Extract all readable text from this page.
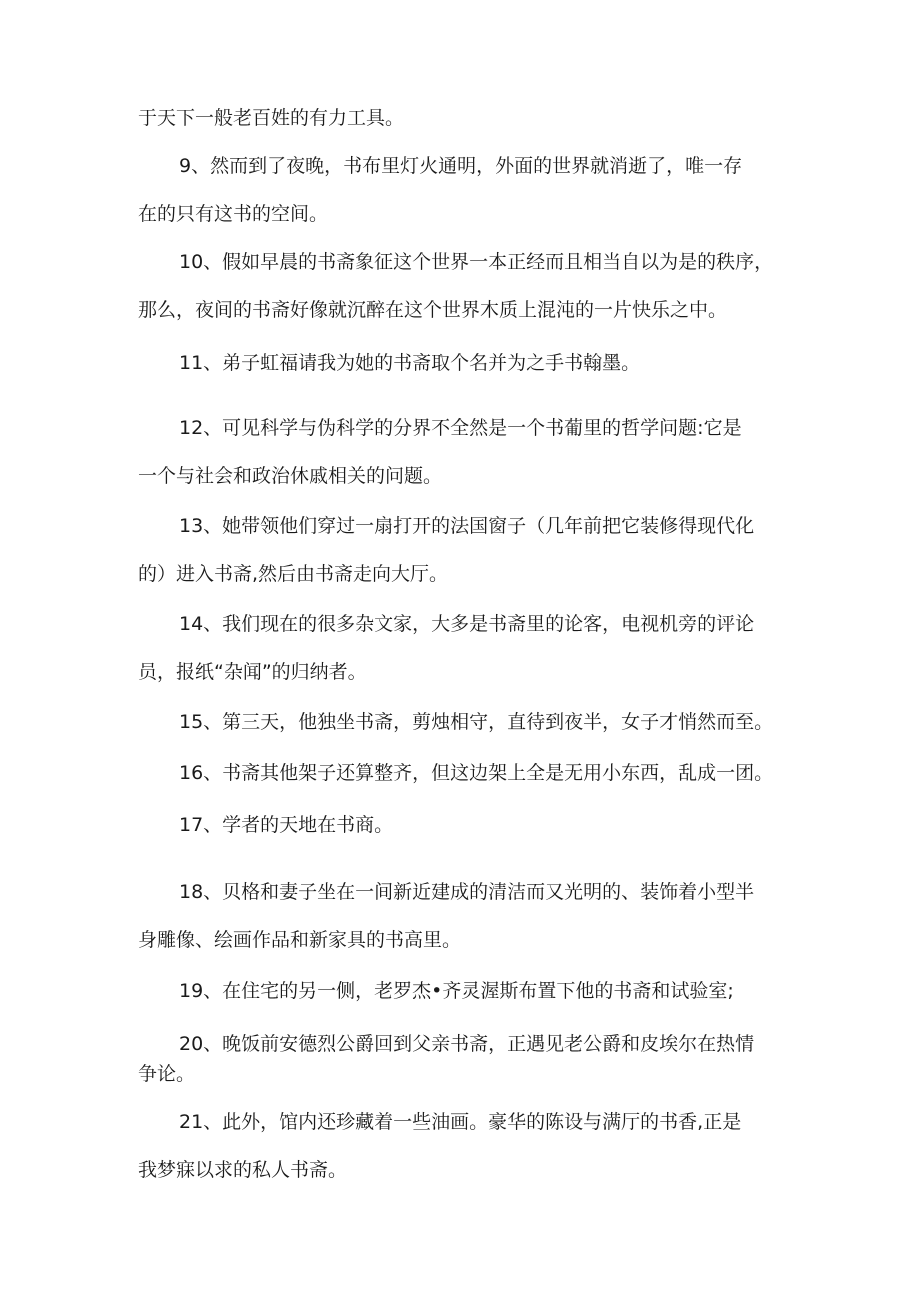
于天下一般老百姓的有力工具。
9、然而到了夜晚，书布里灯火通明，外面的世界就消逝了，唯一存
在的只有这书的空间。
10、假如早晨的书斋象征这个世界一本正经而且相当自以为是的秩序，
那么，夜间的书斋好像就沉醉在这个世界木质上混沌的一片快乐之中。
11、弟子虹福请我为她的书斋取个名并为之手书翰墨。
12、可见科学与伪科学的分界不全然是一个书葡里的哲学问题:它是
一个与社会和政治休戚相关的问题。
13、她带领他们穿过一扇打开的法国窗子（几年前把它装修得现代化
的）进入书斋,然后由书斋走向大厅。
14、我们现在的很多杂文家，大多是书斋里的论客，电视机旁的评论
员，报纸“杂闻”的归纳者。
15、第三天，他独坐书斋，剪烛相守，直待到夜半，女子才悄然而至。
16、书斋其他架子还算整齐，但这边架上全是无用小东西，乱成一团。
17、学者的天地在书商。
18、贝格和妻子坐在一间新近建成的清洁而又光明的、装饰着小型半
身雕像、绘画作品和新家具的书高里。
19、在住宅的另一侧，老罗杰•齐灵渥斯布置下他的书斋和试验室;
20、晚饭前安德烈公爵回到父亲书斋，正遇见老公爵和皮埃尔在热情
争论。
21、此外，馆内还珍藏着一些油画。豪华的陈设与满厅的书香,正是
我梦寐以求的私人书斋。
